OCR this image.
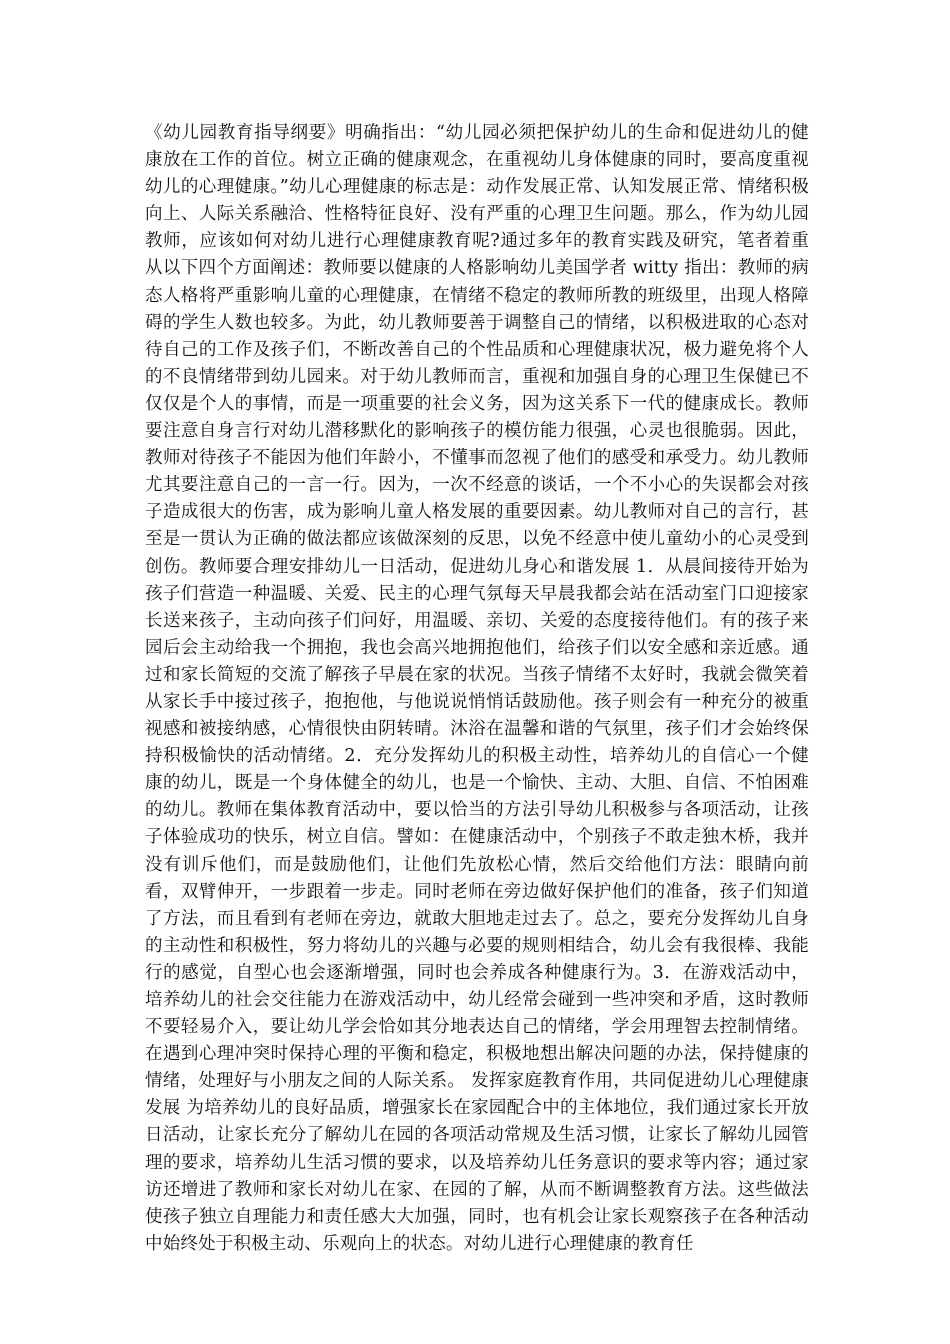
《幼儿园教育指导纲要》明确指出：“幼儿园必须把保护幼儿的生命和促进幼儿的健康放在工作的首位。树立正确的健康观念，在重视幼儿身体健康的同时，要高度重视幼儿的心理健康。”幼儿心理健康的标志是：动作发展正常、认知发展正常、情绪积极向上、人际关系融洽、性格特征良好、没有严重的心理卫生问题。那么，作为幼儿园教师，应该如何对幼儿进行心理健康教育呢?通过多年的教育实践及研究，笔者着重从以下四个方面阐述：教师要以健康的人格影响幼儿美国学者 witty 指出：教师的病态人格将严重影响儿童的心理健康，在情绪不稳定的教师所教的班级里，出现人格障碍的学生人数也较多。为此，幼儿教师要善于调整自己的情绪，以积极进取的心态对待自己的工作及孩子们，不断改善自己的个性品质和心理健康状况，极力避免将个人的不良情绪带到幼儿园来。对于幼儿教师而言，重视和加强自身的心理卫生保健已不仅仅是个人的事情，而是一项重要的社会义务，因为这关系下一代的健康成长。教师要注意自身言行对幼儿潜移默化的影响孩子的模仿能力很强，心灵也很脆弱。因此，教师对待孩子不能因为他们年龄小，不懂事而忽视了他们的感受和承受力。幼儿教师尤其要注意自己的一言一行。因为，一次不经意的谈话，一个不小心的失误都会对孩子造成很大的伤害，成为影响儿童人格发展的重要因素。幼儿教师对自己的言行，甚至是一贯认为正确的做法都应该做深刻的反思，以免不经意中使儿童幼小的心灵受到创伤。教师要合理安排幼儿一日活动，促进幼儿身心和谐发展 1．从晨间接待开始为孩子们营造一种温暖、关爱、民主的心理气氛每天早晨我都会站在活动室门口迎接家长送来孩子，主动向孩子们问好，用温暖、亲切、关爱的态度接待他们。有的孩子来园后会主动给我一个拥抱，我也会高兴地拥抱他们，给孩子们以安全感和亲近感。通过和家长简短的交流了解孩子早晨在家的状况。当孩子情绪不太好时，我就会微笑着从家长手中接过孩子，抱抱他，与他说说悄悄话鼓励他。孩子则会有一种充分的被重视感和被接纳感，心情很快由阴转晴。沐浴在温馨和谐的气氛里，孩子们才会始终保持积极愉快的活动情绪。2．充分发挥幼儿的积极主动性，培养幼儿的自信心一个健康的幼儿，既是一个身体健全的幼儿，也是一个愉快、主动、大胆、自信、不怕困难的幼儿。教师在集体教育活动中，要以恰当的方法引导幼儿积极参与各项活动，让孩子体验成功的快乐，树立自信。譬如：在健康活动中，个别孩子不敢走独木桥，我并没有训斥他们，而是鼓励他们，让他们先放松心情，然后交给他们方法：眼睛向前看，双臂伸开，一步跟着一步走。同时老师在旁边做好保护他们的准备，孩子们知道了方法，而且看到有老师在旁边，就敢大胆地走过去了。总之，要充分发挥幼儿自身的主动性和积极性，努力将幼儿的兴趣与必要的规则相结合，幼儿会有我很棒、我能行的感觉，自型心也会逐渐增强，同时也会养成各种健康行为。3．在游戏活动中，培养幼儿的社会交往能力在游戏活动中，幼儿经常会碰到一些冲突和矛盾，这时教师不要轻易介入，要让幼儿学会恰如其分地表达自己的情绪，学会用理智去控制情绪。在遇到心理冲突时保持心理的平衡和稳定，积极地想出解决问题的办法，保持健康的情绪，处理好与小朋友之间的人际关系。 发挥家庭教育作用，共同促进幼儿心理健康发展 为培养幼儿的良好品质，增强家长在家园配合中的主体地位，我们通过家长开放日活动，让家长充分了解幼儿在园的各项活动常规及生活习惯，让家长了解幼儿园管理的要求，培养幼儿生活习惯的要求，以及培养幼儿任务意识的要求等内容；通过家访还增进了教师和家长对幼儿在家、在园的了解，从而不断调整教育方法。这些做法使孩子独立自理能力和责任感大大加强，同时，也有机会让家长观察孩子在各种活动中始终处于积极主动、乐观向上的状态。对幼儿进行心理健康的教育任
